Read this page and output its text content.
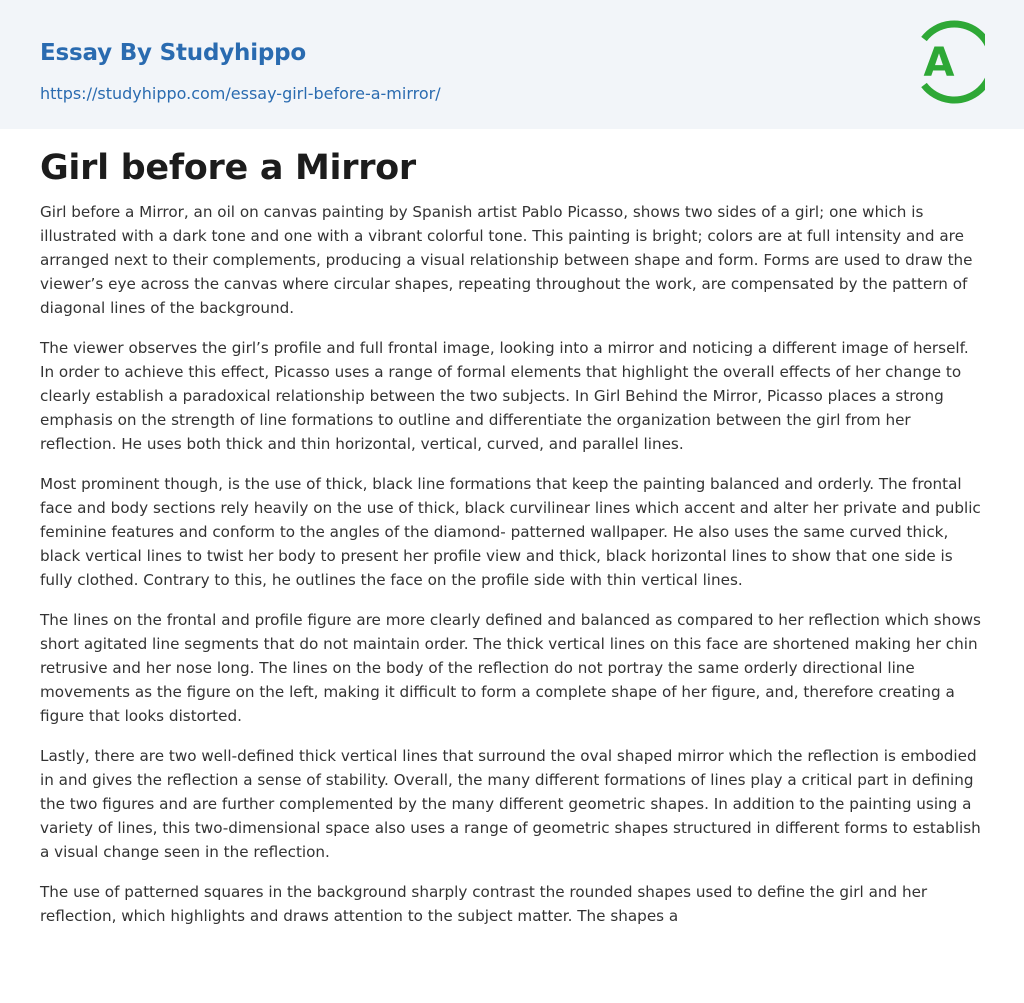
Essay By Studyhippo
https://studyhippo.com/essay-girl-before-a-mirror/
A
Girl before a Mirror

Girl before a Mirror, an oil on canvas painting by Spanish artist Pablo Picasso, shows two sides of a girl; one which is illustrated with a dark tone and one with a vibrant colorful tone. This painting is bright; colors are at full intensity and are arranged next to their complements, producing a visual relationship between shape and form. Forms are used to draw the viewer’s eye across the canvas where circular shapes, repeating throughout the work, are compensated by the pattern of diagonal lines of the background.

The viewer observes the girl’s profile and full frontal image, looking into a mirror and noticing a different image of herself. In order to achieve this effect, Picasso uses a range of formal elements that highlight the overall effects of her change to clearly establish a paradoxical relationship between the two subjects. In Girl Behind the Mirror, Picasso places a strong emphasis on the strength of line formations to outline and differentiate the organization between the girl from her reflection. He uses both thick and thin horizontal, vertical, curved, and parallel lines.

Most prominent though, is the use of thick, black line formations that keep the painting balanced and orderly. The frontal face and body sections rely heavily on the use of thick, black curvilinear lines which accent and alter her private and public feminine features and conform to the angles of the diamond- patterned wallpaper. He also uses the same curved thick, black vertical lines to twist her body to present her profile view and thick, black horizontal lines to show that one side is fully clothed. Contrary to this, he outlines the face on the profile side with thin vertical lines.

The lines on the frontal and profile figure are more clearly defined and balanced as compared to her reflection which shows short agitated line segments that do not maintain order. The thick vertical lines on this face are shortened making her chin retrusive and her nose long. The lines on the body of the reflection do not portray the same orderly directional line movements as the figure on the left, making it difficult to form a complete shape of her figure, and, therefore creating a figure that looks distorted.

Lastly, there are two well-defined thick vertical lines that surround the oval shaped mirror which the reflection is embodied in and gives the reflection a sense of stability. Overall, the many different formations of lines play a critical part in defining the two figures and are further complemented by the many different geometric shapes. In addition to the painting using a variety of lines, this two-dimensional space also uses a range of geometric shapes structured in different forms to establish a visual change seen in the reflection.

The use of patterned squares in the background sharply contrast the rounded shapes used to define the girl and her reflection, which highlights and draws attention to the subject matter. The shapes a
